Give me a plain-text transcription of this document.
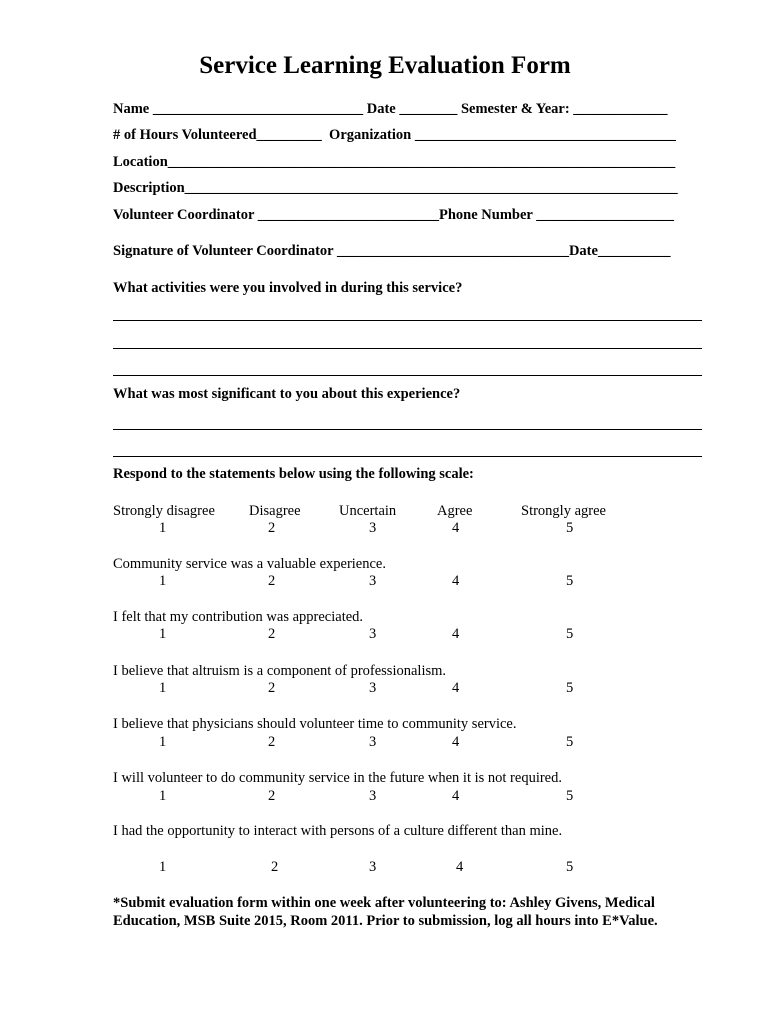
Service Learning Evaluation Form
Name _____________________________ Date ________ Semester & Year: _____________
# of Hours Volunteered_________  Organization ____________________________________
Location______________________________________________________________________
Description____________________________________________________________________
Volunteer Coordinator _________________________Phone Number ___________________
Signature of Volunteer Coordinator ________________________________Date__________
What activities were you involved in during this service?
What was most significant to you about this experience?
Respond to the statements below using the following scale:
Strongly disagree Disagree	Uncertain	Agree	Strongly agree
1	2	3	4	5
Community service was a valuable experience.
1	2	3	4	5
I felt that my contribution was appreciated.
1	2	3	4	5
I believe that altruism is a component of professionalism.
1	2	3	4	5
I believe that physicians should volunteer time to community service.
1	2	3	4	5
I will volunteer to do community service in the future when it is not required.
1	2	3	4	5
I had the opportunity to interact with persons of a culture different than mine.
1	2	3	4	5
*Submit evaluation form within one week after volunteering to: Ashley Givens, Medical
Education, MSB Suite 2015, Room 2011. Prior to submission, log all hours into E*Value.
